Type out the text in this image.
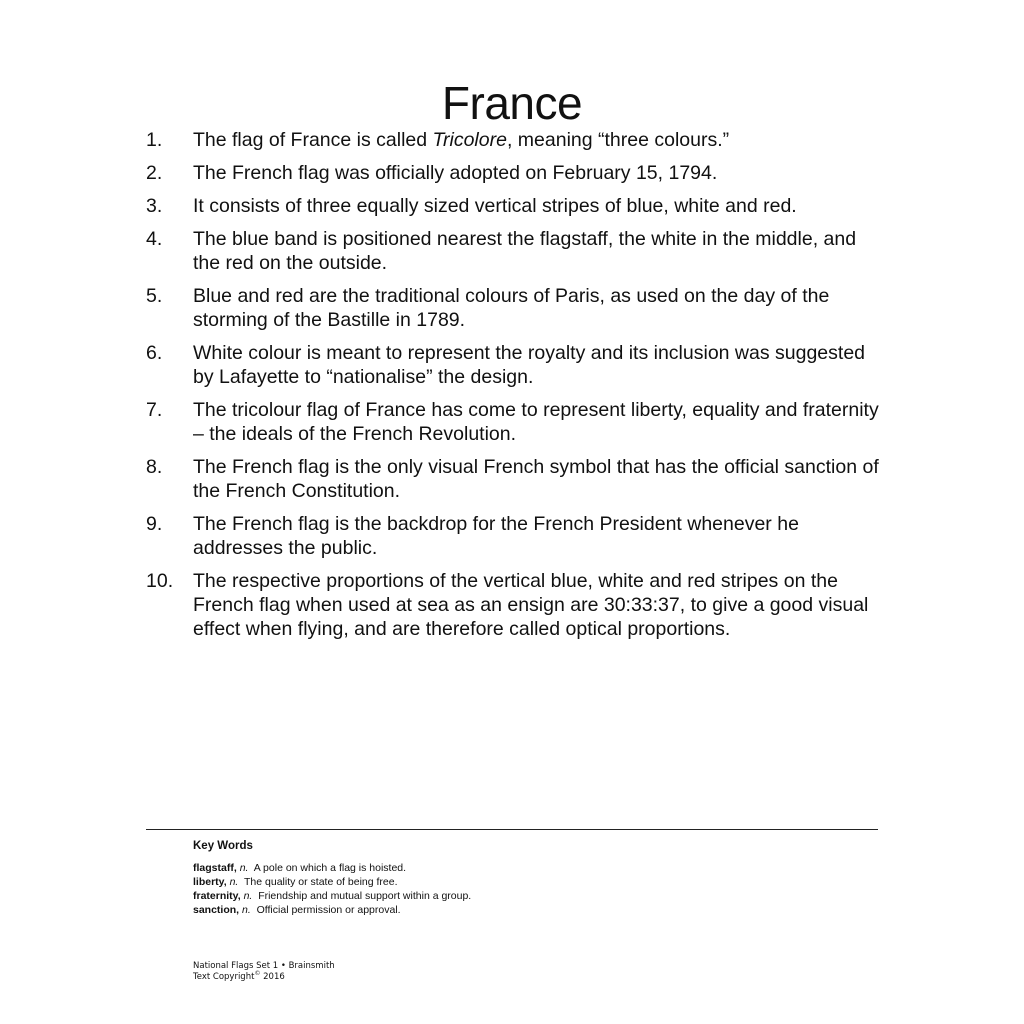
France
1.	The flag of France is called Tricolore, meaning “three colours.”
2.	The French flag was officially adopted on February 15, 1794.
3.	It consists of three equally sized vertical stripes of blue, white and red.
4.	The blue band is positioned nearest the flagstaff, the white in the middle, and the red on the outside.
5.	Blue and red are the traditional colours of Paris, as used on the day of the storming of the Bastille in 1789.
6.	White colour is meant to represent the royalty and its inclusion was suggested by Lafayette to “nationalise” the design.
7.	The tricolour flag of France has come to represent liberty, equality and fraternity – the ideals of the French Revolution.
8.	The French flag is the only visual French symbol that has the official sanction of the French Constitution.
9.	The French flag is the backdrop for the French President whenever he addresses the public.
10.	The respective proportions of the vertical blue, white and red stripes on the French flag when used at sea as an ensign are 30:33:37, to give a good visual effect when flying, and are therefore called optical proportions.
Key Words
flagstaff, n. A pole on which a flag is hoisted.
liberty, n. The quality or state of being free.
fraternity, n. Friendship and mutual support within a group.
sanction, n. Official permission or approval.
National Flags Set 1 • Brainsmith
Text Copyright© 2016
